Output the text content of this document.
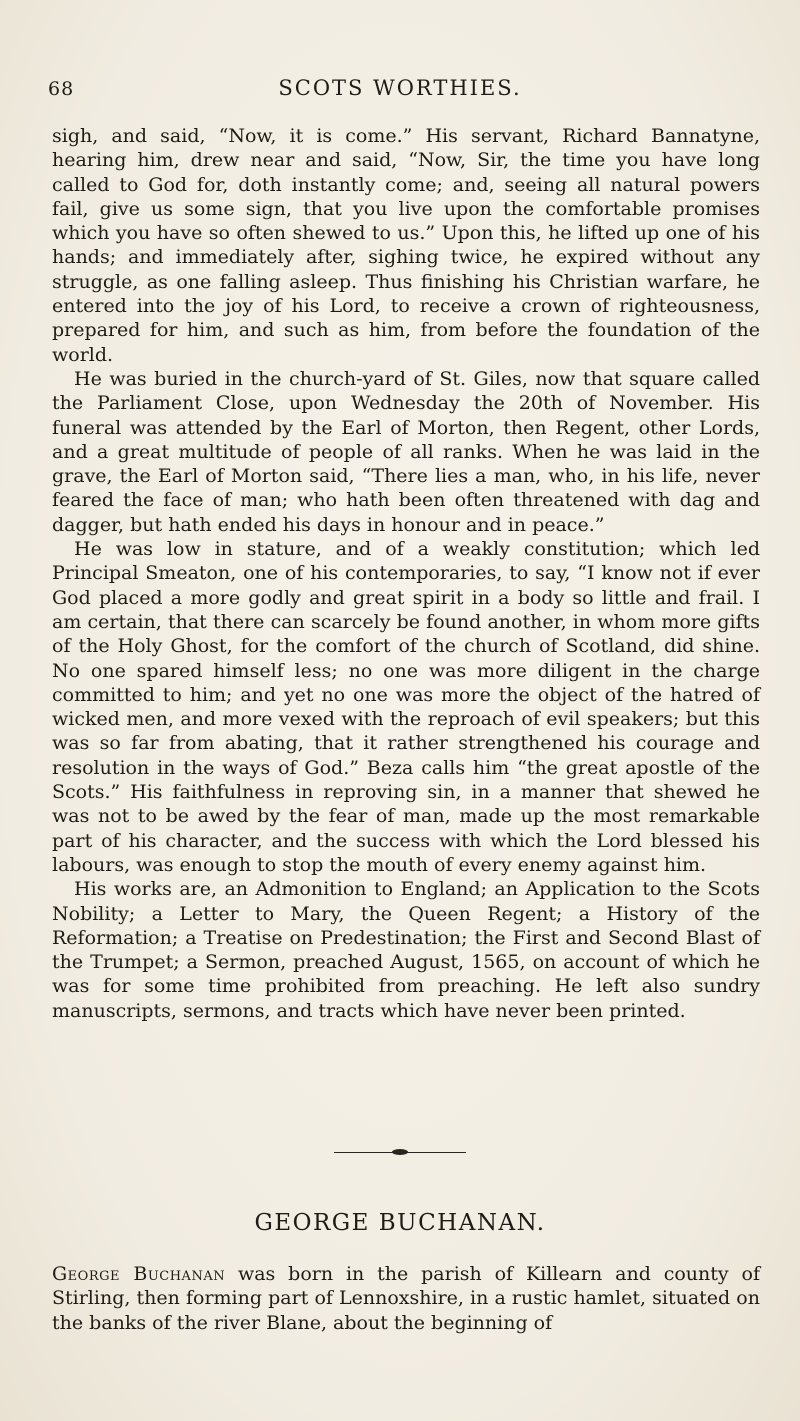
68	SCOTS WORTHIES.

sigh, and said, “Now, it is come.” His servant, Richard Bannatyne, hearing him, drew near and said, “Now, Sir, the time you have long called to God for, doth instantly come; and, seeing all natural powers fail, give us some sign, that you live upon the comfortable promises which you have so often shewed to us.” Upon this, he lifted up one of his hands; and immediately after, sighing twice, he expired without any struggle, as one falling asleep. Thus finishing his Christian warfare, he entered into the joy of his Lord, to receive a crown of righteousness, prepared for him, and such as him, from before the foundation of the world.

He was buried in the church-yard of St. Giles, now that square called the Parliament Close, upon Wednesday the 20th of November. His funeral was attended by the Earl of Morton, then Regent, other Lords, and a great multitude of people of all ranks. When he was laid in the grave, the Earl of Morton said, “There lies a man, who, in his life, never feared the face of man; who hath been often threatened with dag and dagger, but hath ended his days in honour and in peace.”

He was low in stature, and of a weakly constitution; which led Principal Smeaton, one of his contemporaries, to say, “I know not if ever God placed a more godly and great spirit in a body so little and frail. I am certain, that there can scarcely be found another, in whom more gifts of the Holy Ghost, for the comfort of the church of Scotland, did shine. No one spared himself less; no one was more diligent in the charge committed to him; and yet no one was more the object of the hatred of wicked men, and more vexed with the reproach of evil speakers; but this was so far from abating, that it rather strengthened his courage and resolution in the ways of God.” Beza calls him “the great apostle of the Scots.” His faithfulness in reproving sin, in a manner that shewed he was not to be awed by the fear of man, made up the most remarkable part of his character, and the success with which the Lord blessed his labours, was enough to stop the mouth of every enemy against him.

His works are, an Admonition to England; an Application to the Scots Nobility; a Letter to Mary, the Queen Regent; a History of the Reformation; a Treatise on Predestination; the First and Second Blast of the Trumpet; a Sermon, preached August, 1565, on account of which he was for some time prohibited from preaching. He left also sundry manuscripts, sermons, and tracts which have never been printed.

GEORGE BUCHANAN.

George Buchanan was born in the parish of Killearn and county of Stirling, then forming part of Lennoxshire, in a rustic hamlet, situated on the banks of the river Blane, about the beginning of
